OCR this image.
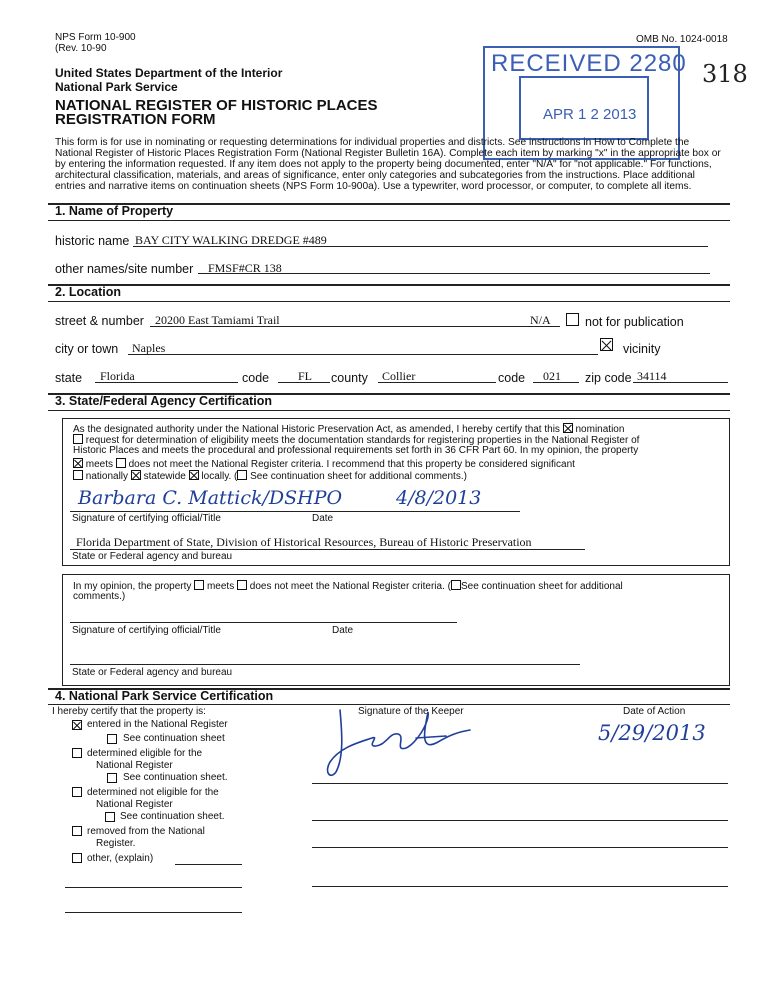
NPS Form 10-900
(Rev. 10-90
OMB No. 1024-0018
United States Department of the Interior
National Park Service
NATIONAL REGISTER OF HISTORIC PLACES
REGISTRATION FORM
318
RECEIVED 2280
APR 1 2 2013
This form is for use in nominating or requesting determinations for individual properties and districts. See instructions in How to Complete the National Register of Historic Places Registration Form (National Register Bulletin 16A). Complete each item by marking "x" in the appropriate box or by entering the information requested. If any item does not apply to the property being documented, enter "N/A" for "not applicable." For functions, architectural classification, materials, and areas of significance, enter only categories and subcategories from the instructions. Place additional entries and narrative items on continuation sheets (NPS Form 10-900a). Use a typewriter, word processor, or computer, to complete all items.
1. Name of Property
historic name BAY CITY WALKING DREDGE #489
other names/site number FMSF#CR 138
2. Location
street & number 20200 East Tamiami Trail	N/A	not for publication
city or town Naples	vicinity
state Florida	code FL county Collier	code 021 zip code 34114
3. State/Federal Agency Certification
As the designated authority under the National Historic Preservation Act, as amended, I hereby certify that this nomination
request for determination of eligibility meets the documentation standards for registering properties in the National Register of
Historic Places and meets the procedural and professional requirements set forth in 36 CFR Part 60. In my opinion, the property
meets does not meet the National Register criteria. I recommend that this property be considered significant
nationally statewide locally. ( See continuation sheet for additional comments.)
Barbara C. Mattick/DSHPO	4/8/2013
Signature of certifying official/Title	Date
Florida Department of State, Division of Historical Resources, Bureau of Historic Preservation
State or Federal agency and bureau
In my opinion, the property meets does not meet the National Register criteria. ( See continuation sheet for additional
comments.)
Signature of certifying official/Title	Date
State or Federal agency and bureau
4. National Park Service Certification
I hereby certify that the property is:
entered in the National Register
See continuation sheet
determined eligible for the
National Register
See continuation sheet.
determined not eligible for the
National Register
See continuation sheet.
removed from the National
Register.
other, (explain)
Signature of the Keeper	Date of Action
5/29/2013
